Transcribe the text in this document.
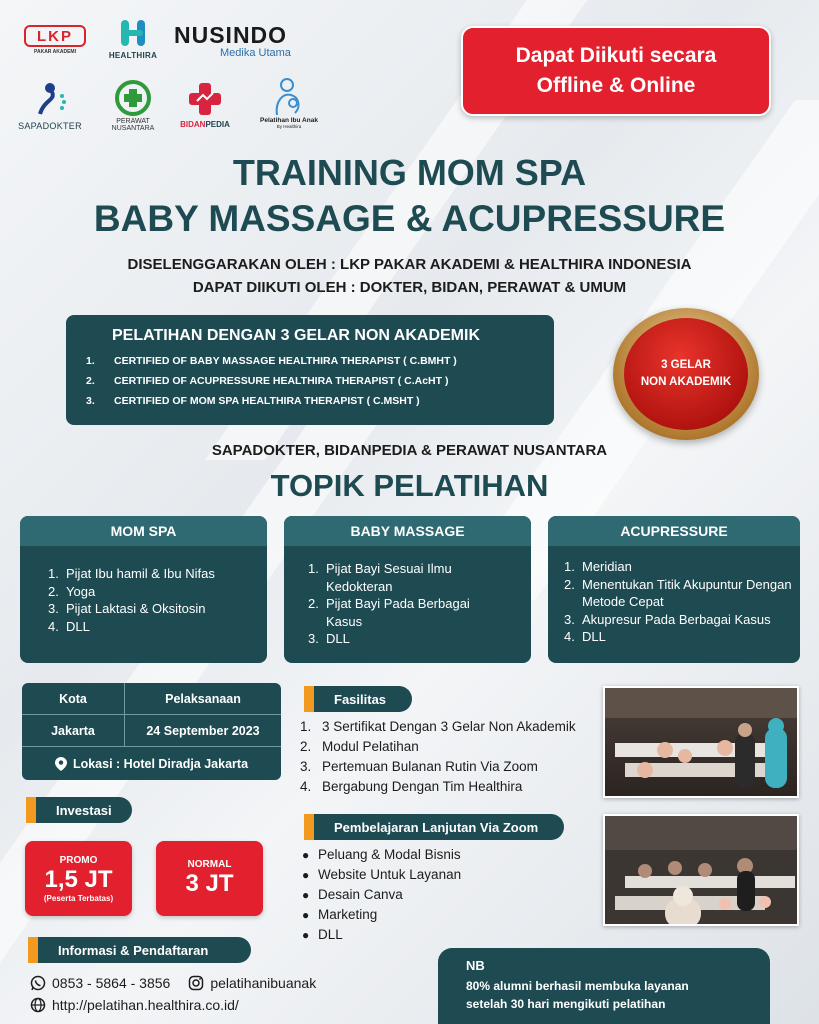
LKP
PAKAR AKADEMI	HEALTHIRA
NUSINDO
Medika Utama
SAPADOKTER	PERAWAT
NUSANTARA	BIDANPEDIA	Pelatihan Ibu Anak
By Healthira
Dapat Diikuti secara
Offline & Online
TRAINING MOM SPA
BABY MASSAGE & ACUPRESSURE
DISELENGGARAKAN OLEH : LKP PAKAR AKADEMI & HEALTHIRA INDONESIA
DAPAT DIIKUTI OLEH : DOKTER, BIDAN, PERAWAT & UMUM
PELATIHAN DENGAN 3 GELAR NON AKADEMIK
1.	CERTIFIED OF BABY MASSAGE HEALTHIRA THERAPIST ( C.BMHT )
2.	CERTIFIED OF ACUPRESSURE HEALTHIRA THERAPIST ( C.AcHT )
3.	CERTIFIED OF MOM SPA HEALTHIRA THERAPIST ( C.MSHT )
3 GELAR
NON AKADEMIK
SAPADOKTER, BIDANPEDIA & PERAWAT NUSANTARA
TOPIK PELATIHAN
MOM SPA
1. Pijat Ibu hamil & Ibu Nifas
2. Yoga
3. Pijat Laktasi & Oksitosin
4. DLL
BABY MASSAGE
1. Pijat Bayi Sesuai Ilmu Kedokteran
2. Pijat Bayi Pada Berbagai Kasus
3. DLL
ACUPRESSURE
1. Meridian
2. Menentukan Titik Akupuntur Dengan Metode Cepat
3. Akupresur Pada Berbagai Kasus
4. DLL
Kota	Pelaksanaan
Jakarta	24 September 2023
Lokasi : Hotel Diradja Jakarta
Fasilitas
1. 3 Sertifikat Dengan 3 Gelar Non Akademik
2. Modul Pelatihan
3. Pertemuan Bulanan Rutin Via Zoom
4. Bergabung Dengan Tim Healthira
Pembelajaran Lanjutan Via Zoom
● Peluang & Modal Bisnis
● Website Untuk Layanan
● Desain Canva
● Marketing
● DLL
Investasi
PROMO
1,5 JT
(Peserta Terbatas)
NORMAL
3 JT
Informasi & Pendaftaran
0853 - 5864 - 3856	pelatihanibuanak
http://pelatihan.healthira.co.id/
NB
80% alumni berhasil membuka layanan
setelah 30 hari mengikuti pelatihan
